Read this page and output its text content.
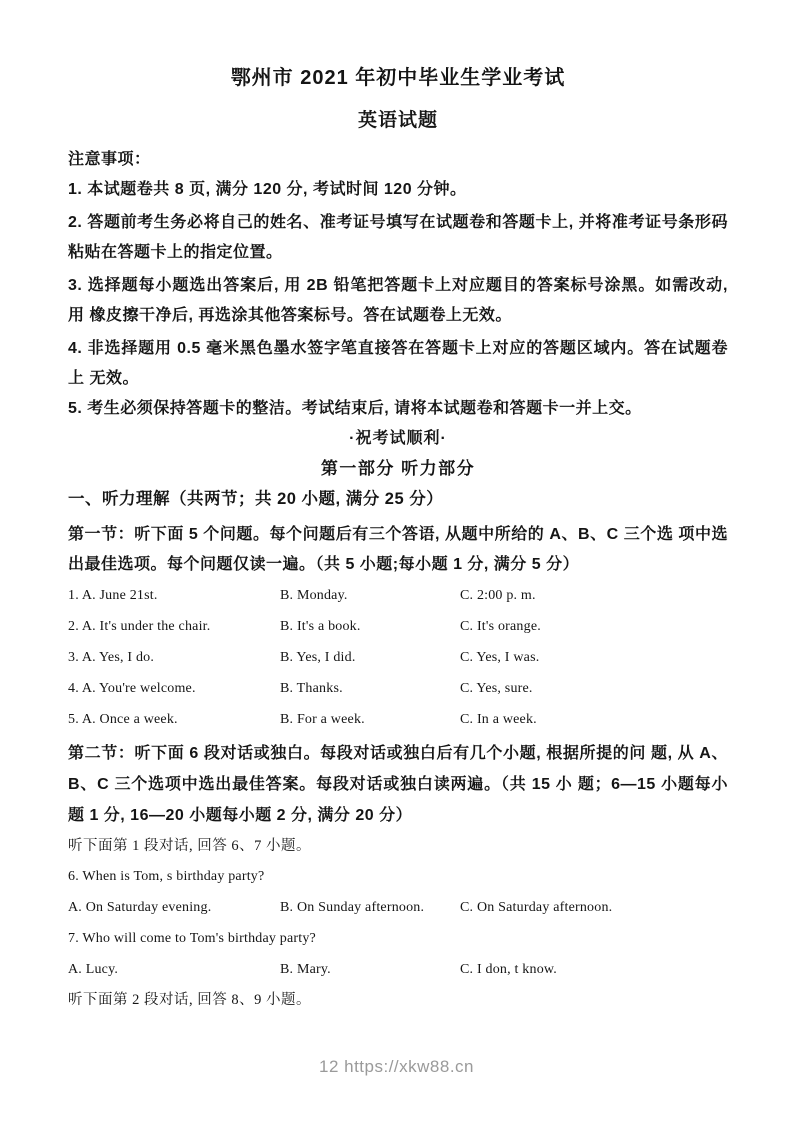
鄂州市 2021 年初中毕业生学业考试
英语试题

注意事项：

1. 本试题卷共 8 页, 满分 120 分, 考试时间 120 分钟。

2. 答题前考生务必将自己的姓名、准考证号填写在试题卷和答题卡上, 并将准考证号条形码 粘贴在答题卡上的指定位置。

3. 选择题每小题选出答案后, 用 2B 铅笔把答题卡上对应题目的答案标号涂黑。如需改动, 用 橡皮擦干净后, 再选涂其他答案标号。答在试题卷上无效。

4. 非选择题用 0.5 毫米黑色墨水签字笔直接答在答题卡上对应的答题区域内。答在试题卷上 无效。

5. 考生必须保持答题卡的整洁。考试结束后, 请将本试题卷和答题卡一并上交。

·祝考试顺利·

第一部分 听力部分

一、听力理解（共两节；共 20 小题, 满分 25 分）

第一节：听下面 5 个问题。每个问题后有三个答语, 从题中所给的 A、B、C 三个选 项中选出最佳选项。每个问题仅读一遍。（共 5 小题;每小题 1 分, 满分 5 分）

1. A. June 21st.	B. Monday.	C. 2:00 p. m.
2. A. It's under the chair.	B. It's a book.	C. It's orange.
3. A. Yes, I do.	B. Yes, I did.	C. Yes, I was.
4. A. You're welcome.	B. Thanks.	C. Yes, sure.
5. A. Once a week.	B. For a week.	C. In a week.

第二节：听下面 6 段对话或独白。每段对话或独白后有几个小题, 根据所提的问 题, 从 A、B、C 三个选项中选出最佳答案。每段对话或独白读两遍。（共 15 小 题；6—15 小题每小题 1 分, 16—20 小题每小题 2 分, 满分 20 分）

听下面第 1 段对话, 回答 6、7 小题。

6. When is Tom, s birthday party?

A. On Saturday evening.	B. On Sunday afternoon.	C. On Saturday afternoon.

7. Who will come to Tom's birthday party?

A. Lucy.	B. Mary.	C. I don, t know.

听下面第 2 段对话, 回答 8、9 小题。

12 https://xkw88.cn
